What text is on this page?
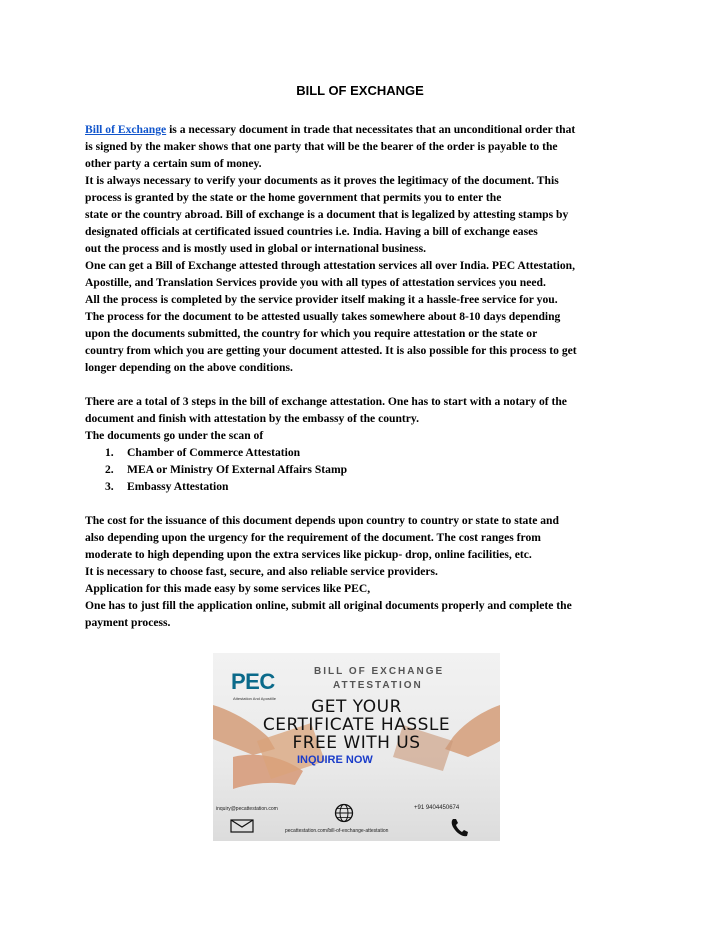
BILL OF EXCHANGE
Bill of Exchange is a necessary document in trade that necessitates that an unconditional order that
is signed by the maker shows that one party that will be the bearer of the order is payable to the
other party a certain sum of money.
It is always necessary to verify your documents as it proves the legitimacy of the document. This
process is granted by the state or the home government that permits you to enter the
state or the country abroad. Bill of exchange is a document that is legalized by attesting stamps by
designated officials at certificated issued countries i.e. India. Having a bill of exchange eases
out the process and is mostly used in global or international business.
One can get a Bill of Exchange attested through attestation services all over India. PEC Attestation,
Apostille, and Translation Services provide you with all types of attestation services you need.
All the process is completed by the service provider itself making it a hassle-free service for you.
The process for the document to be attested usually takes somewhere about 8-10 days depending
upon the documents submitted, the country for which you require attestation or the state or
country from which you are getting your document attested. It is also possible for this process to get
longer depending on the above conditions.
There are a total of 3 steps in the bill of exchange attestation. One has to start with a notary of the
document and finish with attestation by the embassy of the country.
The documents go under the scan of
1. Chamber of Commerce Attestation
2. MEA or Ministry Of External Affairs Stamp
3. Embassy Attestation
The cost for the issuance of this document depends upon country to country or state to state and
also depending upon the urgency for the requirement of the document. The cost ranges from
moderate to high depending upon the extra services like pickup- drop, online facilities, etc.
It is necessary to choose fast, secure, and also reliable service providers.
Application for this made easy by some services like PEC,
One has to just fill the application online, submit all original documents properly and complete the
payment process.
PEC
Attestation And Apostille
BILL OF EXCHANGE
ATTESTATION
GET YOUR
CERTIFICATE HASSLE
FREE WITH US
INQUIRE NOW
inquiry@pecattestation.com	+91 9404450674
pecattestation.com/bill-of-exchange-attestation
